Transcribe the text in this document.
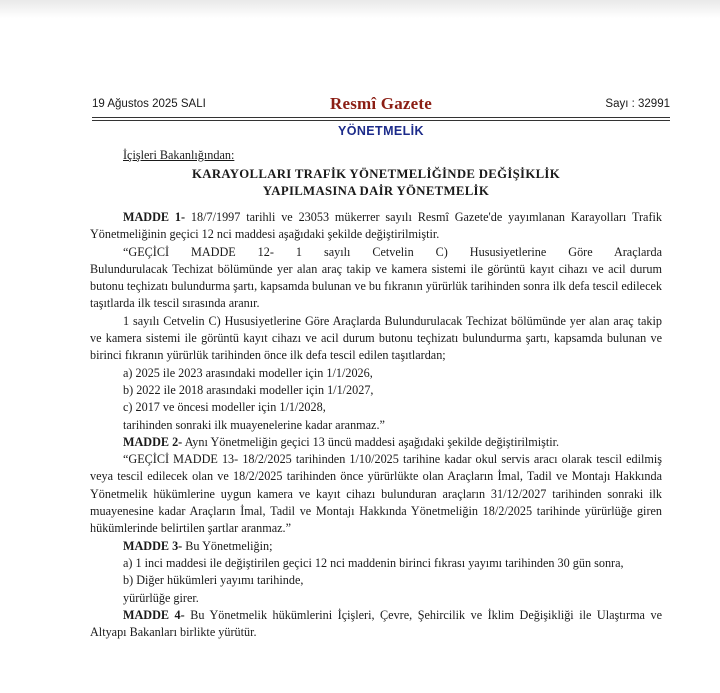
19 Ağustos 2025 SALI	Resmî Gazete	Sayı : 32991
YÖNETMELİK
İçişleri Bakanlığından:
KARAYOLLARI TRAFİK YÖNETMELİĞİNDE DEĞİŞİKLİK
YAPILMASINA DAİR YÖNETMELİK

MADDE 1- 18/7/1997 tarihli ve 23053 mükerrer sayılı Resmî Gazete'de yayımlanan Karayolları Trafik Yönetmeliğinin geçici 12 nci maddesi aşağıdaki şekilde değiştirilmiştir.

“GEÇİCİ MADDE 12- 1 sayılı Cetvelin C) Hususiyetlerine Göre Araçlarda

Bulundurulacak Techizat bölümünde yer alan araç takip ve kamera sistemi ile görüntü kayıt cihazı ve acil durum butonu teçhizatı bulundurma şartı, kapsamda bulunan ve bu fıkranın yürürlük tarihinden sonra ilk defa tescil edilecek taşıtlarda ilk tescil sırasında aranır.

1 sayılı Cetvelin C) Hususiyetlerine Göre Araçlarda Bulundurulacak Techizat bölümünde yer alan araç takip ve kamera sistemi ile görüntü kayıt cihazı ve acil durum butonu teçhizatı bulundurma şartı, kapsamda bulunan ve birinci fıkranın yürürlük tarihinden önce ilk defa tescil edilen taşıtlardan;

a) 2025 ile 2023 arasındaki modeller için 1/1/2026,

b) 2022 ile 2018 arasındaki modeller için 1/1/2027,

c) 2017 ve öncesi modeller için 1/1/2028,

tarihinden sonraki ilk muayenelerine kadar aranmaz.”

MADDE 2- Aynı Yönetmeliğin geçici 13 üncü maddesi aşağıdaki şekilde değiştirilmiştir.

“GEÇİCİ MADDE 13- 18/2/2025 tarihinden 1/10/2025 tarihine kadar okul servis aracı olarak tescil edilmiş veya tescil edilecek olan ve 18/2/2025 tarihinden önce yürürlükte olan Araçların İmal, Tadil ve Montajı Hakkında Yönetmelik hükümlerine uygun kamera ve kayıt cihazı bulunduran araçların 31/12/2027 tarihinden sonraki ilk muayenesine kadar Araçların İmal, Tadil ve Montajı Hakkında Yönetmeliğin 18/2/2025 tarihinde yürürlüğe giren hükümlerinde belirtilen şartlar aranmaz.”

MADDE 3- Bu Yönetmeliğin;

a) 1 inci maddesi ile değiştirilen geçici 12 nci maddenin birinci fıkrası yayımı tarihinden 30 gün sonra,

b) Diğer hükümleri yayımı tarihinde,

yürürlüğe girer.

MADDE 4- Bu Yönetmelik hükümlerini İçişleri, Çevre, Şehircilik ve İklim Değişikliği ile Ulaştırma ve Altyapı Bakanları birlikte yürütür.
